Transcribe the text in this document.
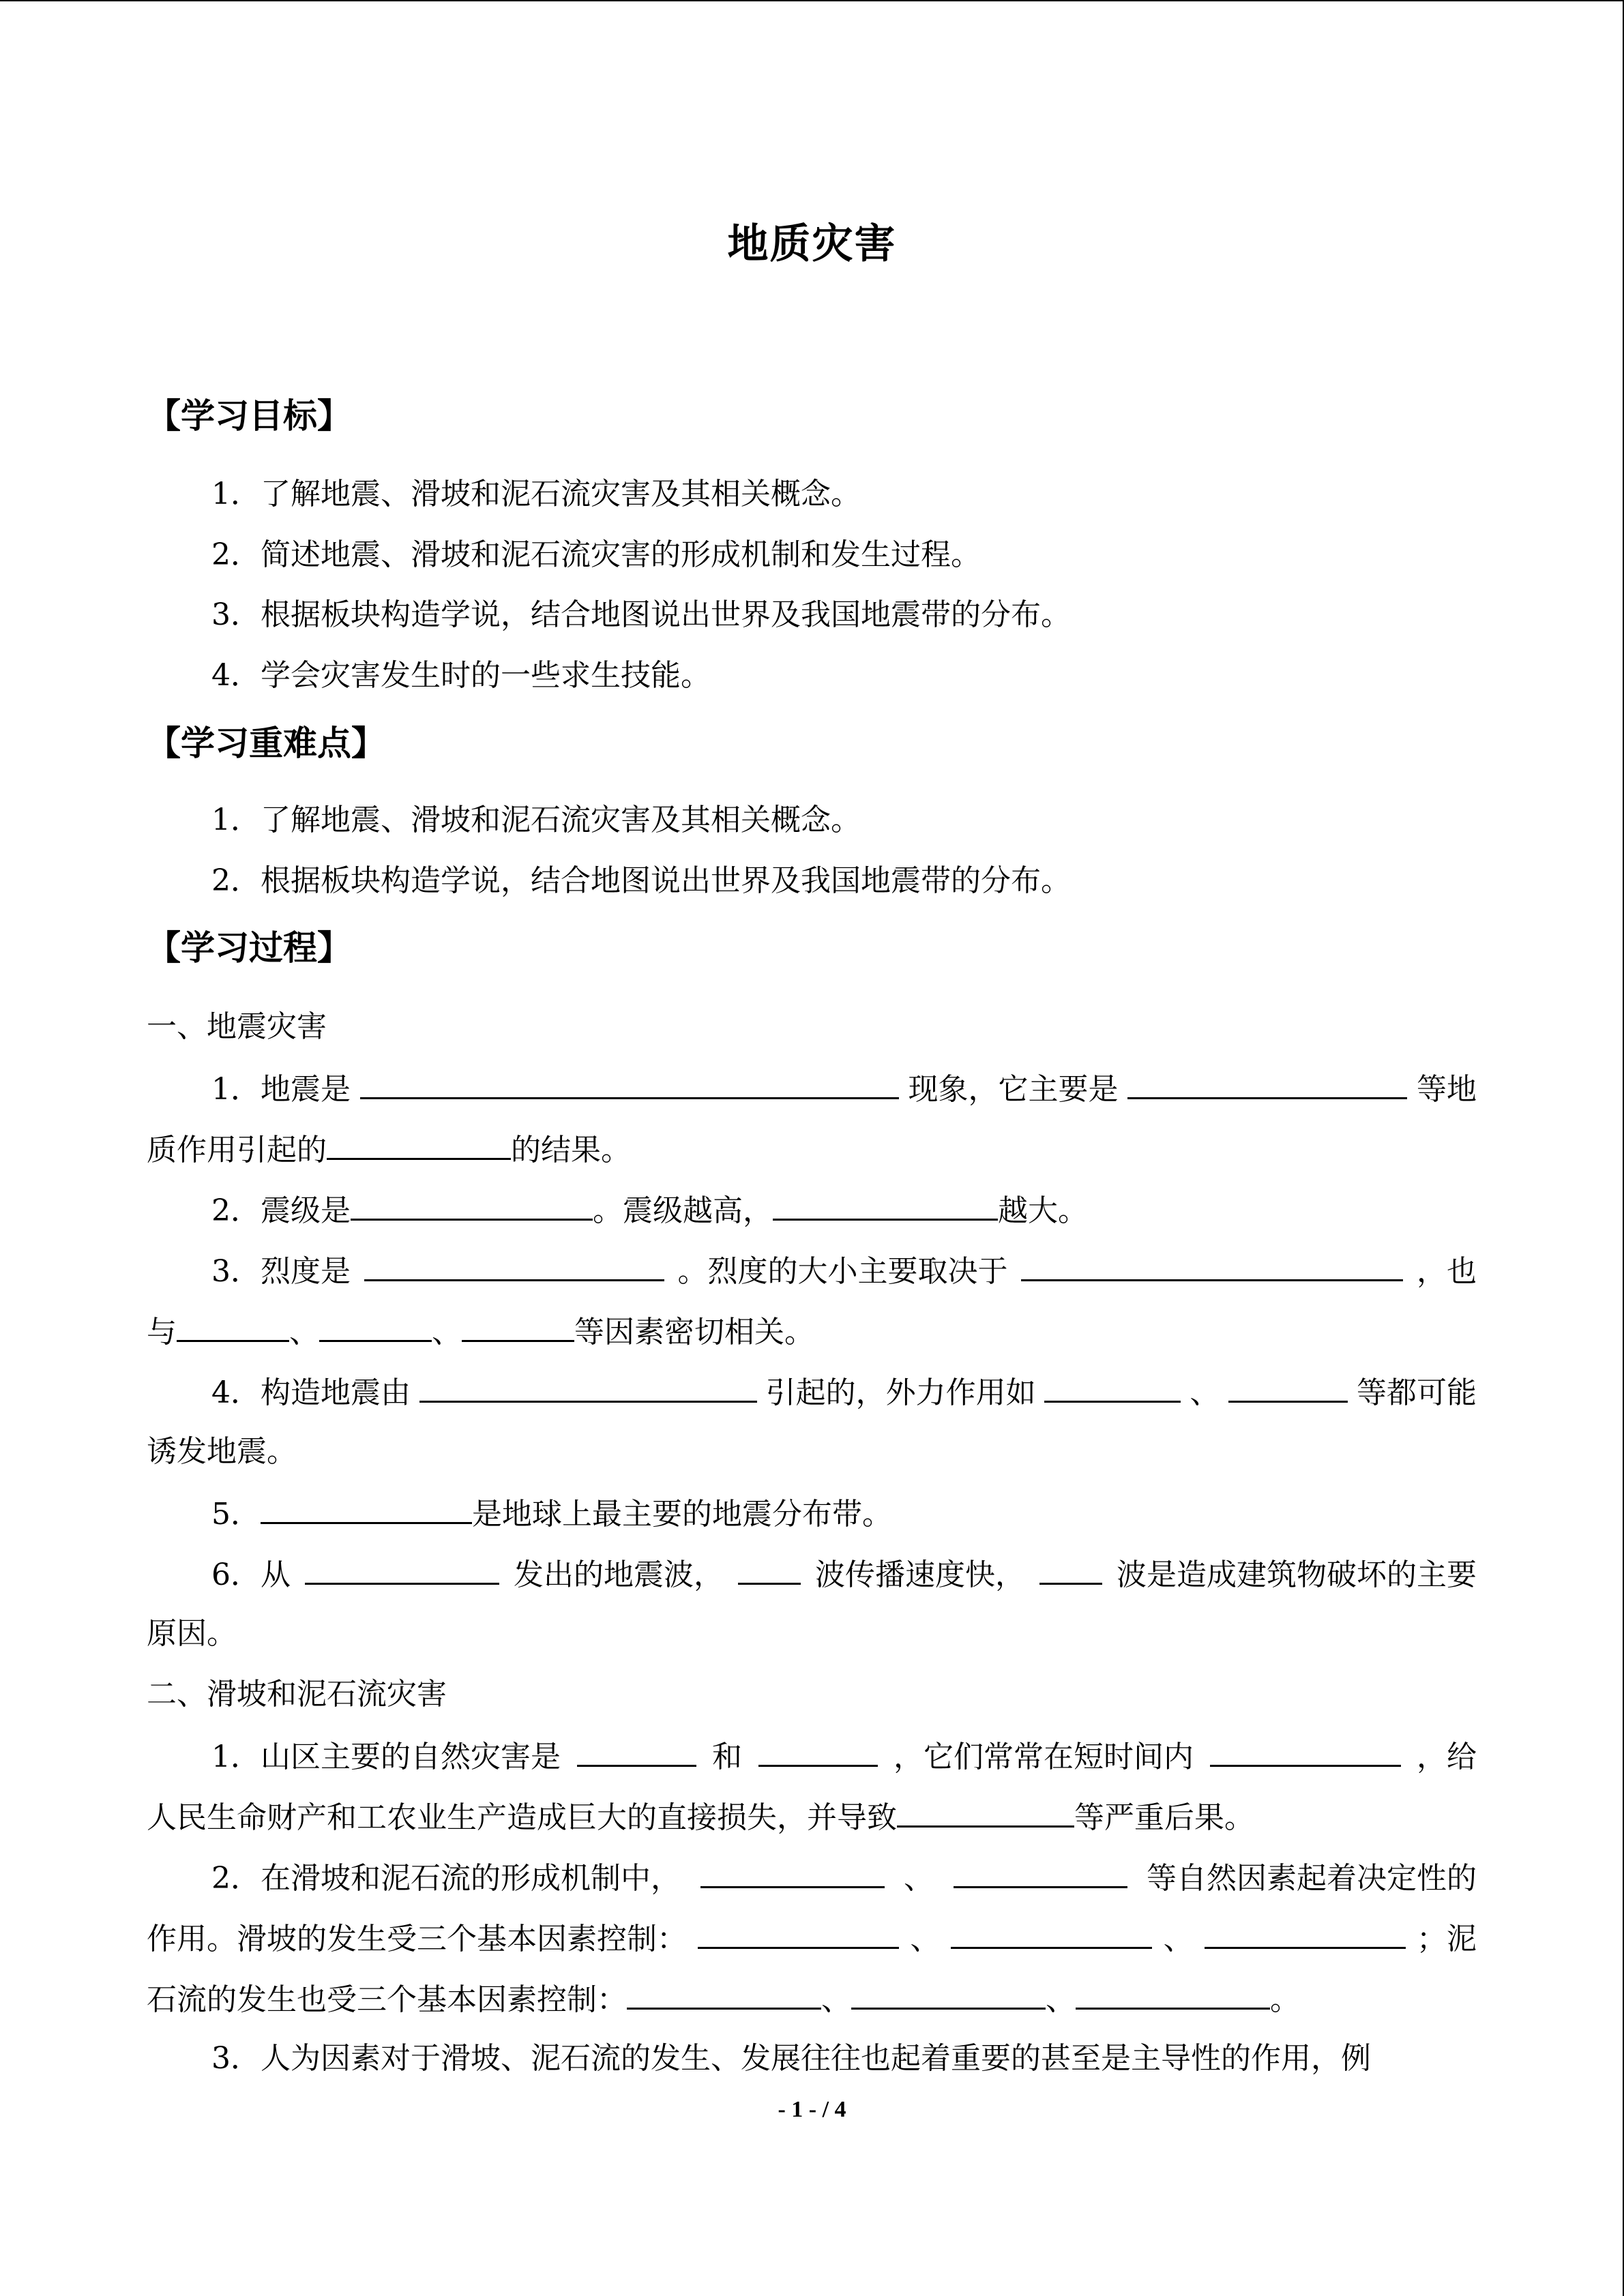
地质灾害
【学习目标】
1．了解地震、滑坡和泥石流灾害及其相关概念。
2．简述地震、滑坡和泥石流灾害的形成机制和发生过程。
3．根据板块构造学说，结合地图说出世界及我国地震带的分布。
4．学会灾害发生时的一些求生技能。
【学习重难点】
1．了解地震、滑坡和泥石流灾害及其相关概念。
2．根据板块构造学说，结合地图说出世界及我国地震带的分布。
【学习过程】
一、地震灾害
1．地震是	现象，它主要是	等地
质作用引起的	的结果。
2．震级是	。震级越高，	越大。
3．烈度是	。烈度的大小主要取决于	，也
与	、	、	等因素密切相关。
4．构造地震由	引起的，外力作用如	、	等都可能
诱发地震。
5．	是地球上最主要的地震分布带。
6．从	发出的地震波，	波传播速度快，	波是造成建筑物破坏的主要
原因。
二、滑坡和泥石流灾害
1．山区主要的自然灾害是	和	，它们常常在短时间内	，给
人民生命财产和工农业生产造成巨大的直接损失，并导致	等严重后果。
2．在滑坡和泥石流的形成机制中，	、	等自然因素起着决定性的
作用。滑坡的发生受三个基本因素控制：	、	、	；泥
石流的发生也受三个基本因素控制：	、	、	。
3．人为因素对于滑坡、泥石流的发生、发展往往也起着重要的甚至是主导性的作用，例
- 1 - / 4
